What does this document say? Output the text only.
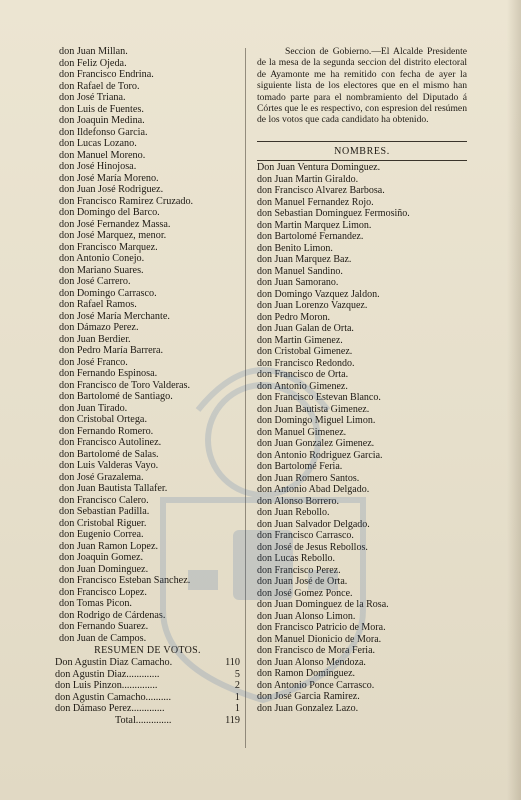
don Juan Millan.
don Feliz Ojeda.
don Francisco Endrina.
don Rafael de Toro.
don José Triana.
don Luis de Fuentes.
don Joaquin Medina.
don Ildefonso Garcia.
don Lucas Lozano.
don Manuel Moreno.
don José Hinojosa.
don José María Moreno.
don Juan José Rodriguez.
don Francisco Ramirez Cruzado.
don Domingo del Barco.
don José Fernandez Massa.
don José Marquez, menor.
don Francisco Marquez.
don Antonio Conejo.
don Mariano Suares.
don José Carrero.
don Domingo Carrasco.
don Rafael Ramos.
don José María Merchante.
don Dámazo Perez.
don Juan Berdier.
don Pedro María Barrera.
don José Franco.
don Fernando Espinosa.
don Francisco de Toro Valderas.
don Bartolomé de Santiago.
don Juan Tirado.
don Cristobal Ortega.
don Fernando Romero.
don Francisco Autolinez.
don Bartolomé de Salas.
don Luis Valderas Vayo.
don José Grazalema.
don Juan Bautista Tallafer.
don Francisco Calero.
don Sebastian Padilla.
don Cristobal Riguer.
don Eugenio Correa.
don Juan Ramon Lopez.
don Joaquin Gomez.
don Juan Dominguez.
don Francisco Esteban Sanchez.
don Francisco Lopez.
don Tomas Picon.
don Rodrigo de Cárdenas.
don Fernando Suarez.
don Juan de Campos.
RESUMEN DE VOTOS.
Don Agustin Diaz Camacho.	110
don Agustin Diaz.............	5
don Luis Pinzon..............	2
don Agustin Camacho..........	1
don Dámaso Perez.............	1
Total..............	119

Seccion de Gobierno.—El Alcalde Presidente de la mesa de la segunda seccion del distrito electoral de Ayamonte me ha remitido con fecha de ayer la siguiente lista de los electores que en el mismo han tomado parte para el nombramiento del Diputado á Córtes que le es respectivo, con espresion del resúmen de los votos que cada candidato ha obtenido.

NOMBRES.
Don Juan Ventura Dominguez.
don Juan Martin Giraldo.
don Francisco Alvarez Barbosa.
don Manuel Fernandez Rojo.
don Sebastian Dominguez Fermosiño.
don Martin Marquez Limon.
don Bartolomé Fernandez.
don Benito Limon.
don Juan Marquez Baz.
don Manuel Sandino.
don Juan Samorano.
don Domingo Vazquez Jaldon.
don Juan Lorenzo Vazquez.
don Pedro Moron.
don Juan Galan de Orta.
don Martin Gimenez.
don Cristobal Gimenez.
don Francisco Redondo.
don Francisco de Orta.
don Antonio Gimenez.
don Francisco Estevan Blanco.
don Juan Bautista Gimenez.
don Domingo Miguel Limon.
don Manuel Gimenez.
don Juan Gonzalez Gimenez.
don Antonio Rodriguez Garcia.
don Bartolomé Feria.
don Juan Romero Santos.
don Antonio Abad Delgado.
don Alonso Borrero.
don Juan Rebollo.
don Juan Salvador Delgado.
don Francisco Carrasco.
don José de Jesus Rebollos.
don Lucas Rebollo.
don Francisco Perez.
don Juan José de Orta.
don José Gomez Ponce.
don Juan Dominguez de la Rosa.
don Juan Alonso Limon.
don Francisco Patricio de Mora.
don Manuel Dionicio de Mora.
don Francisco de Mora Feria.
don Juan Alonso Mendoza.
don Ramon Dominguez.
don Antonio Ponce Carrasco.
don José Garcia Ramirez.
don Juan Gonzalez Lazo.
